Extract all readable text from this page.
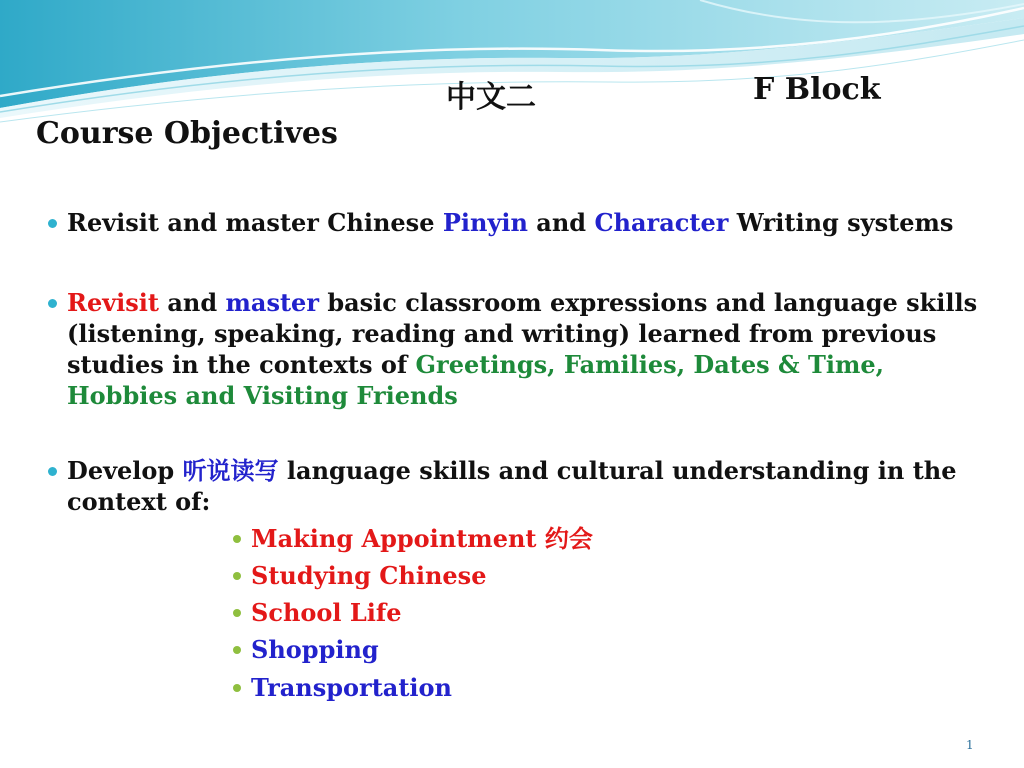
中文二	F Block
Course Objectives
Revisit and master Chinese Pinyin and Character Writing systems
Revisit and master basic classroom expressions and language skills (listening, speaking, reading and writing) learned from previous studies in the contexts of Greetings, Families, Dates & Time, Hobbies and Visiting Friends
Develop 听说读写 language skills and cultural understanding in the context of:
Making Appointment 约会
Studying Chinese
School Life
Shopping
Transportation
1
